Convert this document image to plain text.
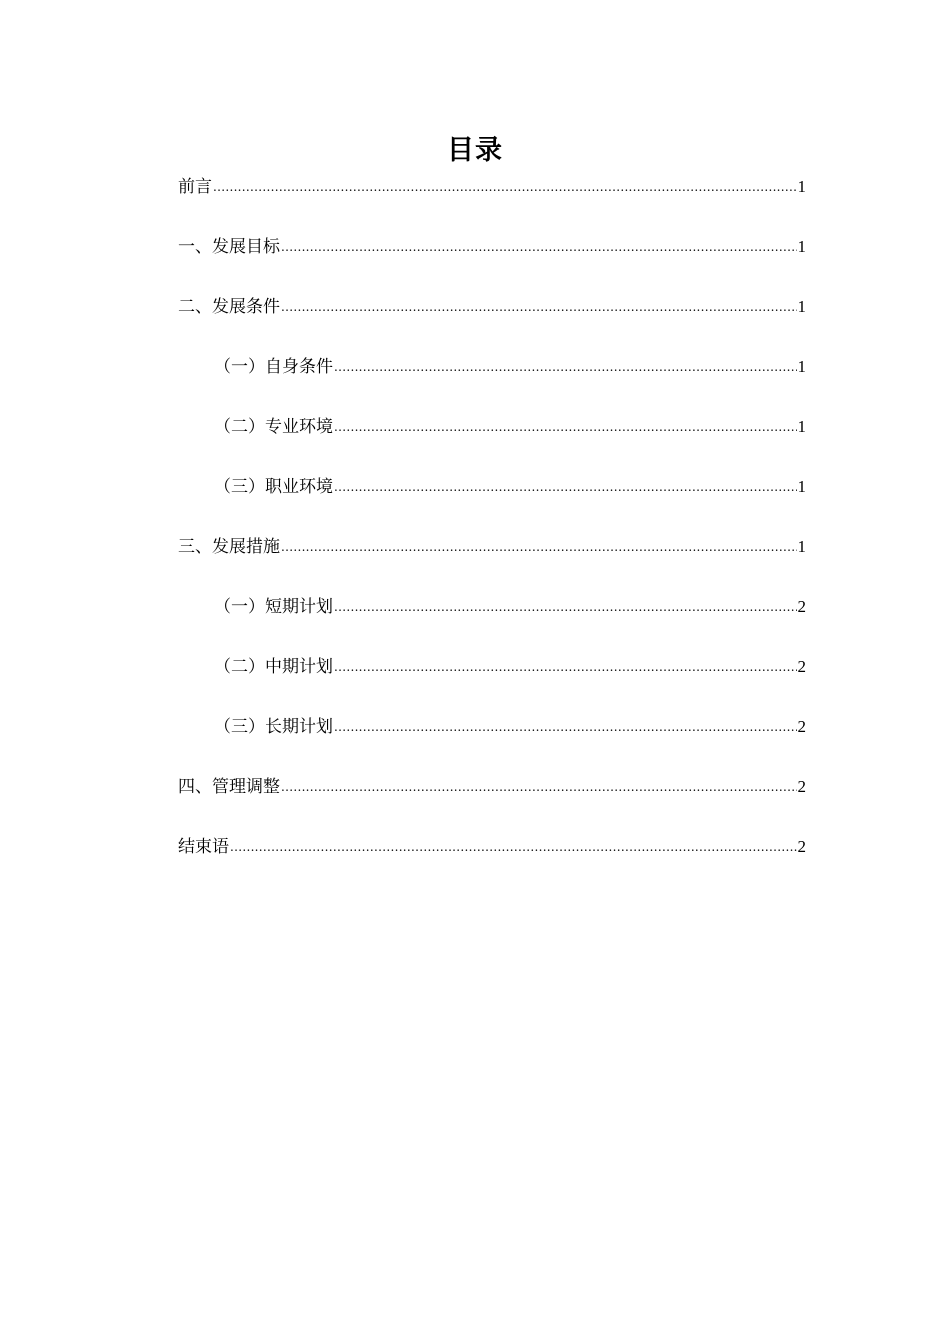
目录
前言 .....	1
一、发展目标 .....	1
二、发展条件 .....	1
（一）自身条件 .....	1
（二）专业环境 .....	1
（三）职业环境 .....	1
三、发展措施 .....	1
（一）短期计划 .....	2
（二）中期计划 .....	2
（三）长期计划 .....	2
四、管理调整 .....	2
结束语 .....	2
